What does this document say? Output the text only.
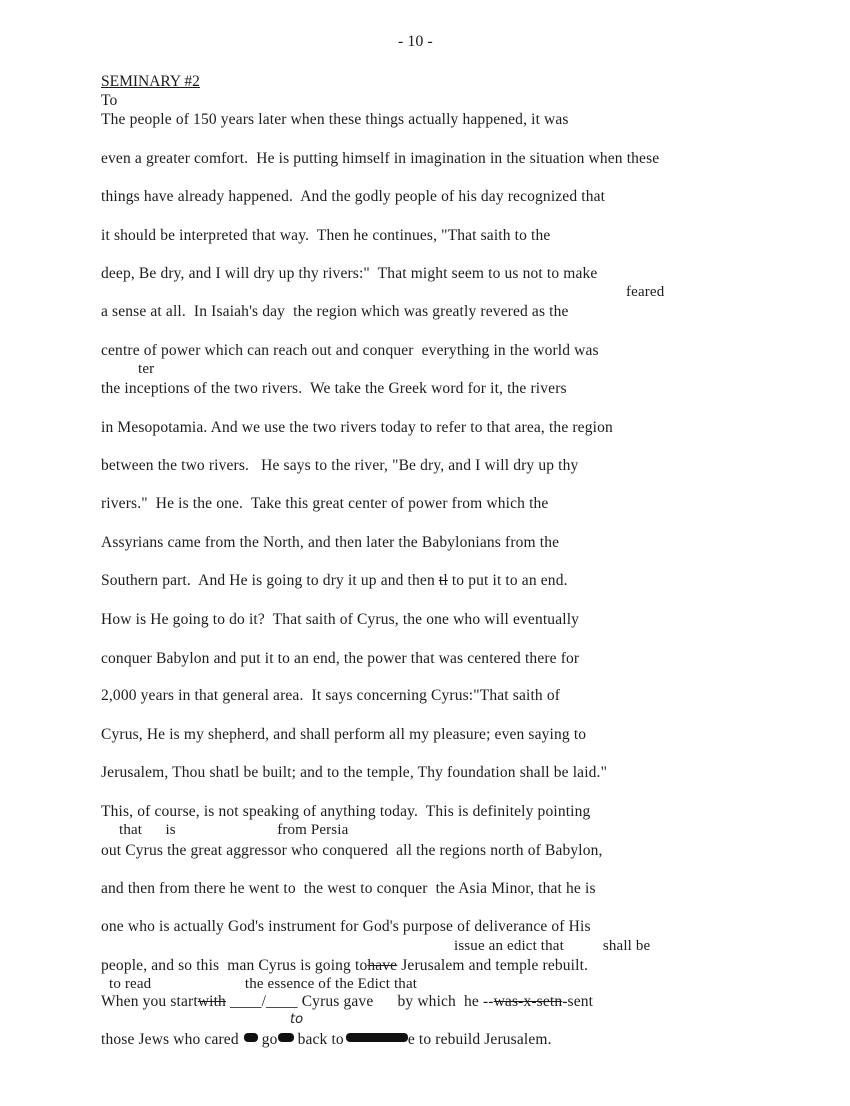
- 10 -
SEMINARY #2
To
The people of 150 years later when these things actually happened, it was
even a greater comfort.  He is putting himself in imagination in the situation when these
things have already happened.  And the godly people of his day recognized that
it should be interpreted that way.  Then he continues, "That saith to the
deep, Be dry, and I will dry up thy rivers:"  That might seem to us not to make
a sense at all.  In Isaiah's day  the region which was greatly revered as the
centre of power which can reach out and conquer  everything in the world was
the inceptions of the two rivers.  We take the Greek word for it, the rivers
in Mesopotamia. And we use the two rivers today to refer to that area, the region
between the two rivers.   He says to the river, "Be dry, and I will dry up thy
rivers."  He is the one.  Take this great center of power from which the
Assyrians came from the North, and then later the Babylonians from the
Southern part.  And He is going to dry it up and then tl to put it to an end.
How is He going to do it?  That saith of Cyrus, the one who will eventually
conquer Babylon and put it to an end, the power that was centered there for
2,000 years in that general area.  It says concerning Cyrus:"That saith of
Cyrus, He is my shepherd, and shall perform all my pleasure; even saying to
Jerusalem, Thou shatl be built; and to the temple, Thy foundation shall be laid."
This, of course, is not speaking of anything today.  This is definitely pointing
out Cyrus the great aggressor who conquered  all the regions north of Babylon,
and then from there he went to  the west to conquer  the Asia Minor, that he is
one who is actually God's instrument for God's purpose of deliverance of His
people, and so this  man Cyrus is going tohave Jerusalem and temple rebuilt.
When you startwith ____/____ Cyrus gave      by which  he --was-x-setn-sent
those Jews who cared go back to	e to rebuild Jerusalem.
feared
ter
that      is                          from Persia
issue an edict that          shall be
to read                        the essence of the Edict that
to
